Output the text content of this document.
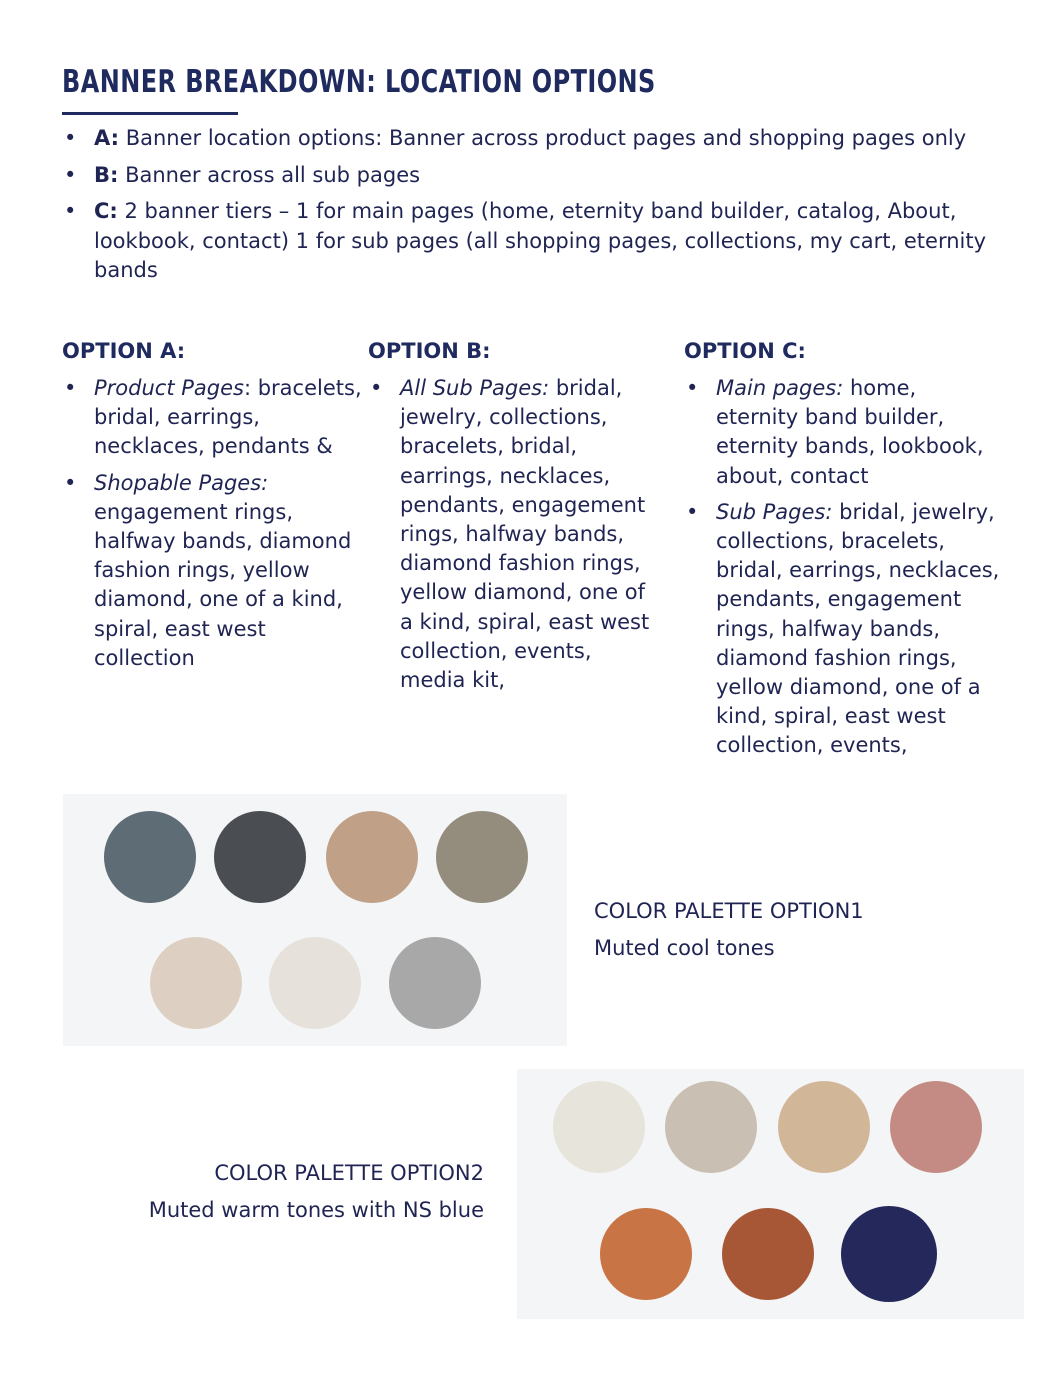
BANNER BREAKDOWN: LOCATION OPTIONS
• A: Banner location options: Banner across product pages and shopping pages only
• B: Banner across all sub pages
• C: 2 banner tiers – 1 for main pages (home, eternity band builder, catalog, About, lookbook, contact) 1 for sub pages (all shopping pages, collections, my cart, eternity bands
OPTION A:
• Product Pages: bracelets, bridal, earrings, necklaces, pendants &
• Shopable Pages: engagement rings, halfway bands, diamond fashion rings, yellow diamond, one of a kind, spiral, east west collection
OPTION B:
• All Sub Pages: bridal, jewelry, collections, bracelets, bridal, earrings, necklaces, pendants, engagement rings, halfway bands, diamond fashion rings, yellow diamond, one of a kind, spiral, east west collection, events, media kit,
OPTION C:
• Main pages: home, eternity band builder, eternity bands, lookbook, about, contact
• Sub Pages: bridal, jewelry, collections, bracelets, bridal, earrings, necklaces, pendants, engagement rings, halfway bands, diamond fashion rings, yellow diamond, one of a kind, spiral, east west collection, events,
COLOR PALETTE OPTION1
Muted cool tones
COLOR PALETTE OPTION2
Muted warm tones with NS blue
